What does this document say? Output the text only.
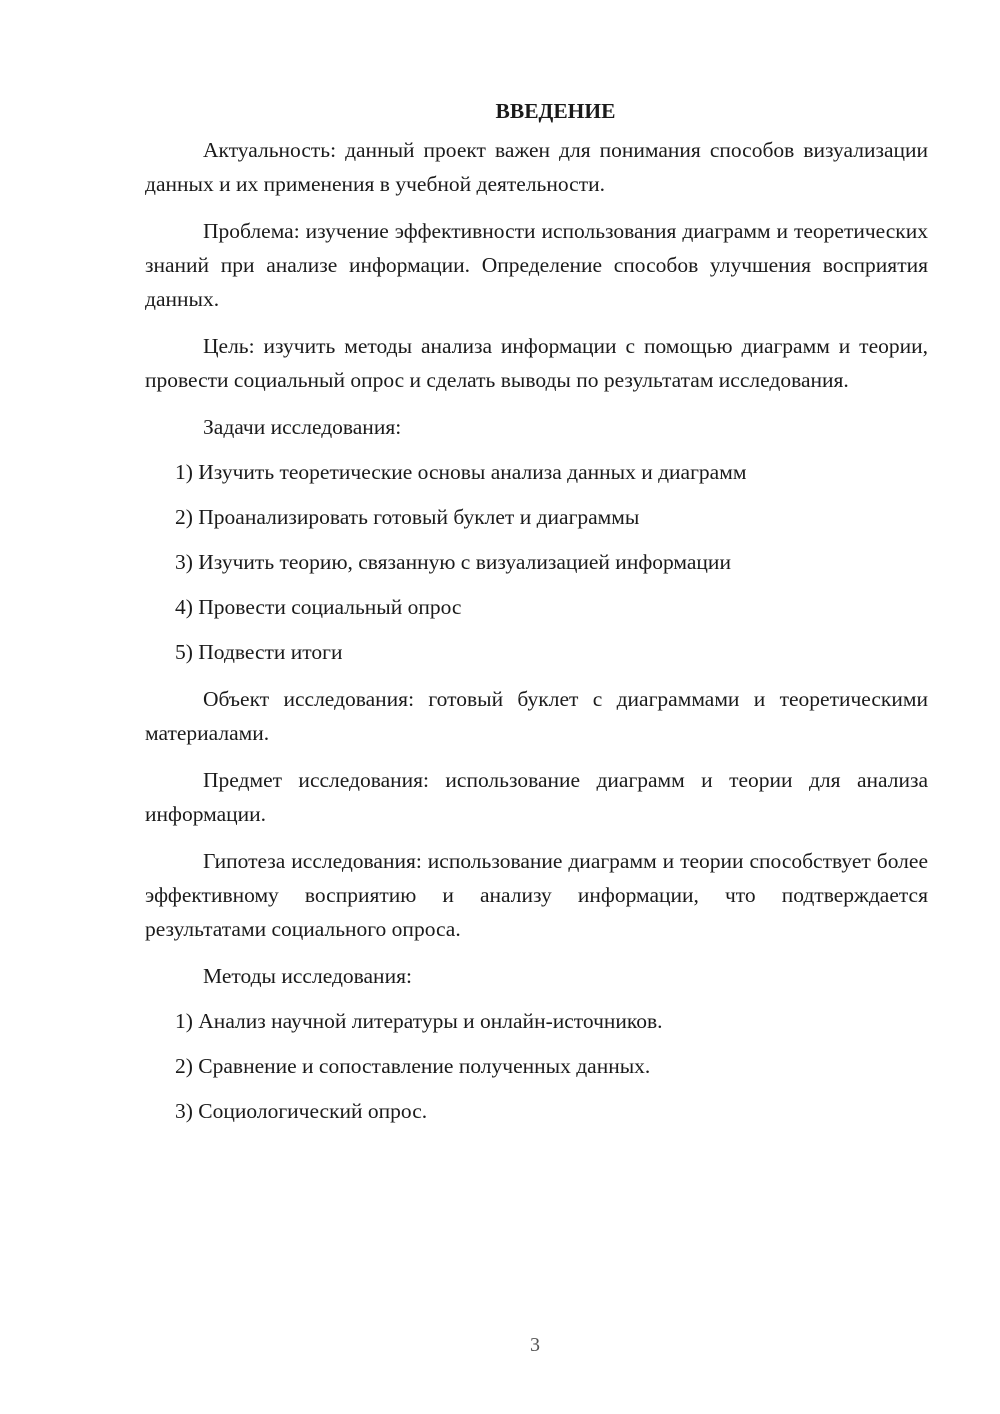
ВВЕДЕНИЕ

Актуальность: данный проект важен для понимания способов визуализации данных и их применения в учебной деятельности.

Проблема: изучение эффективности использования диаграмм и теоретических знаний при анализе информации. Определение способов улучшения восприятия данных.

Цель: изучить методы анализа информации с помощью диаграмм и теории, провести социальный опрос и сделать выводы по результатам исследования.

Задачи исследования:

1) Изучить теоретические основы анализа данных и диаграмм

2) Проанализировать готовый буклет и диаграммы

3) Изучить теорию, связанную с визуализацией информации

4) Провести социальный опрос

5) Подвести итоги

Объект исследования: готовый буклет с диаграммами и теоретическими материалами.

Предмет исследования: использование диаграмм и теории для анализа информации.

Гипотеза исследования: использование диаграмм и теории способствует более эффективному восприятию и анализу информации, что подтверждается результатами социального опроса.

Методы исследования:

1) Анализ научной литературы и онлайн-источников.

2) Сравнение и сопоставление полученных данных.

3) Социологический опрос.

3
